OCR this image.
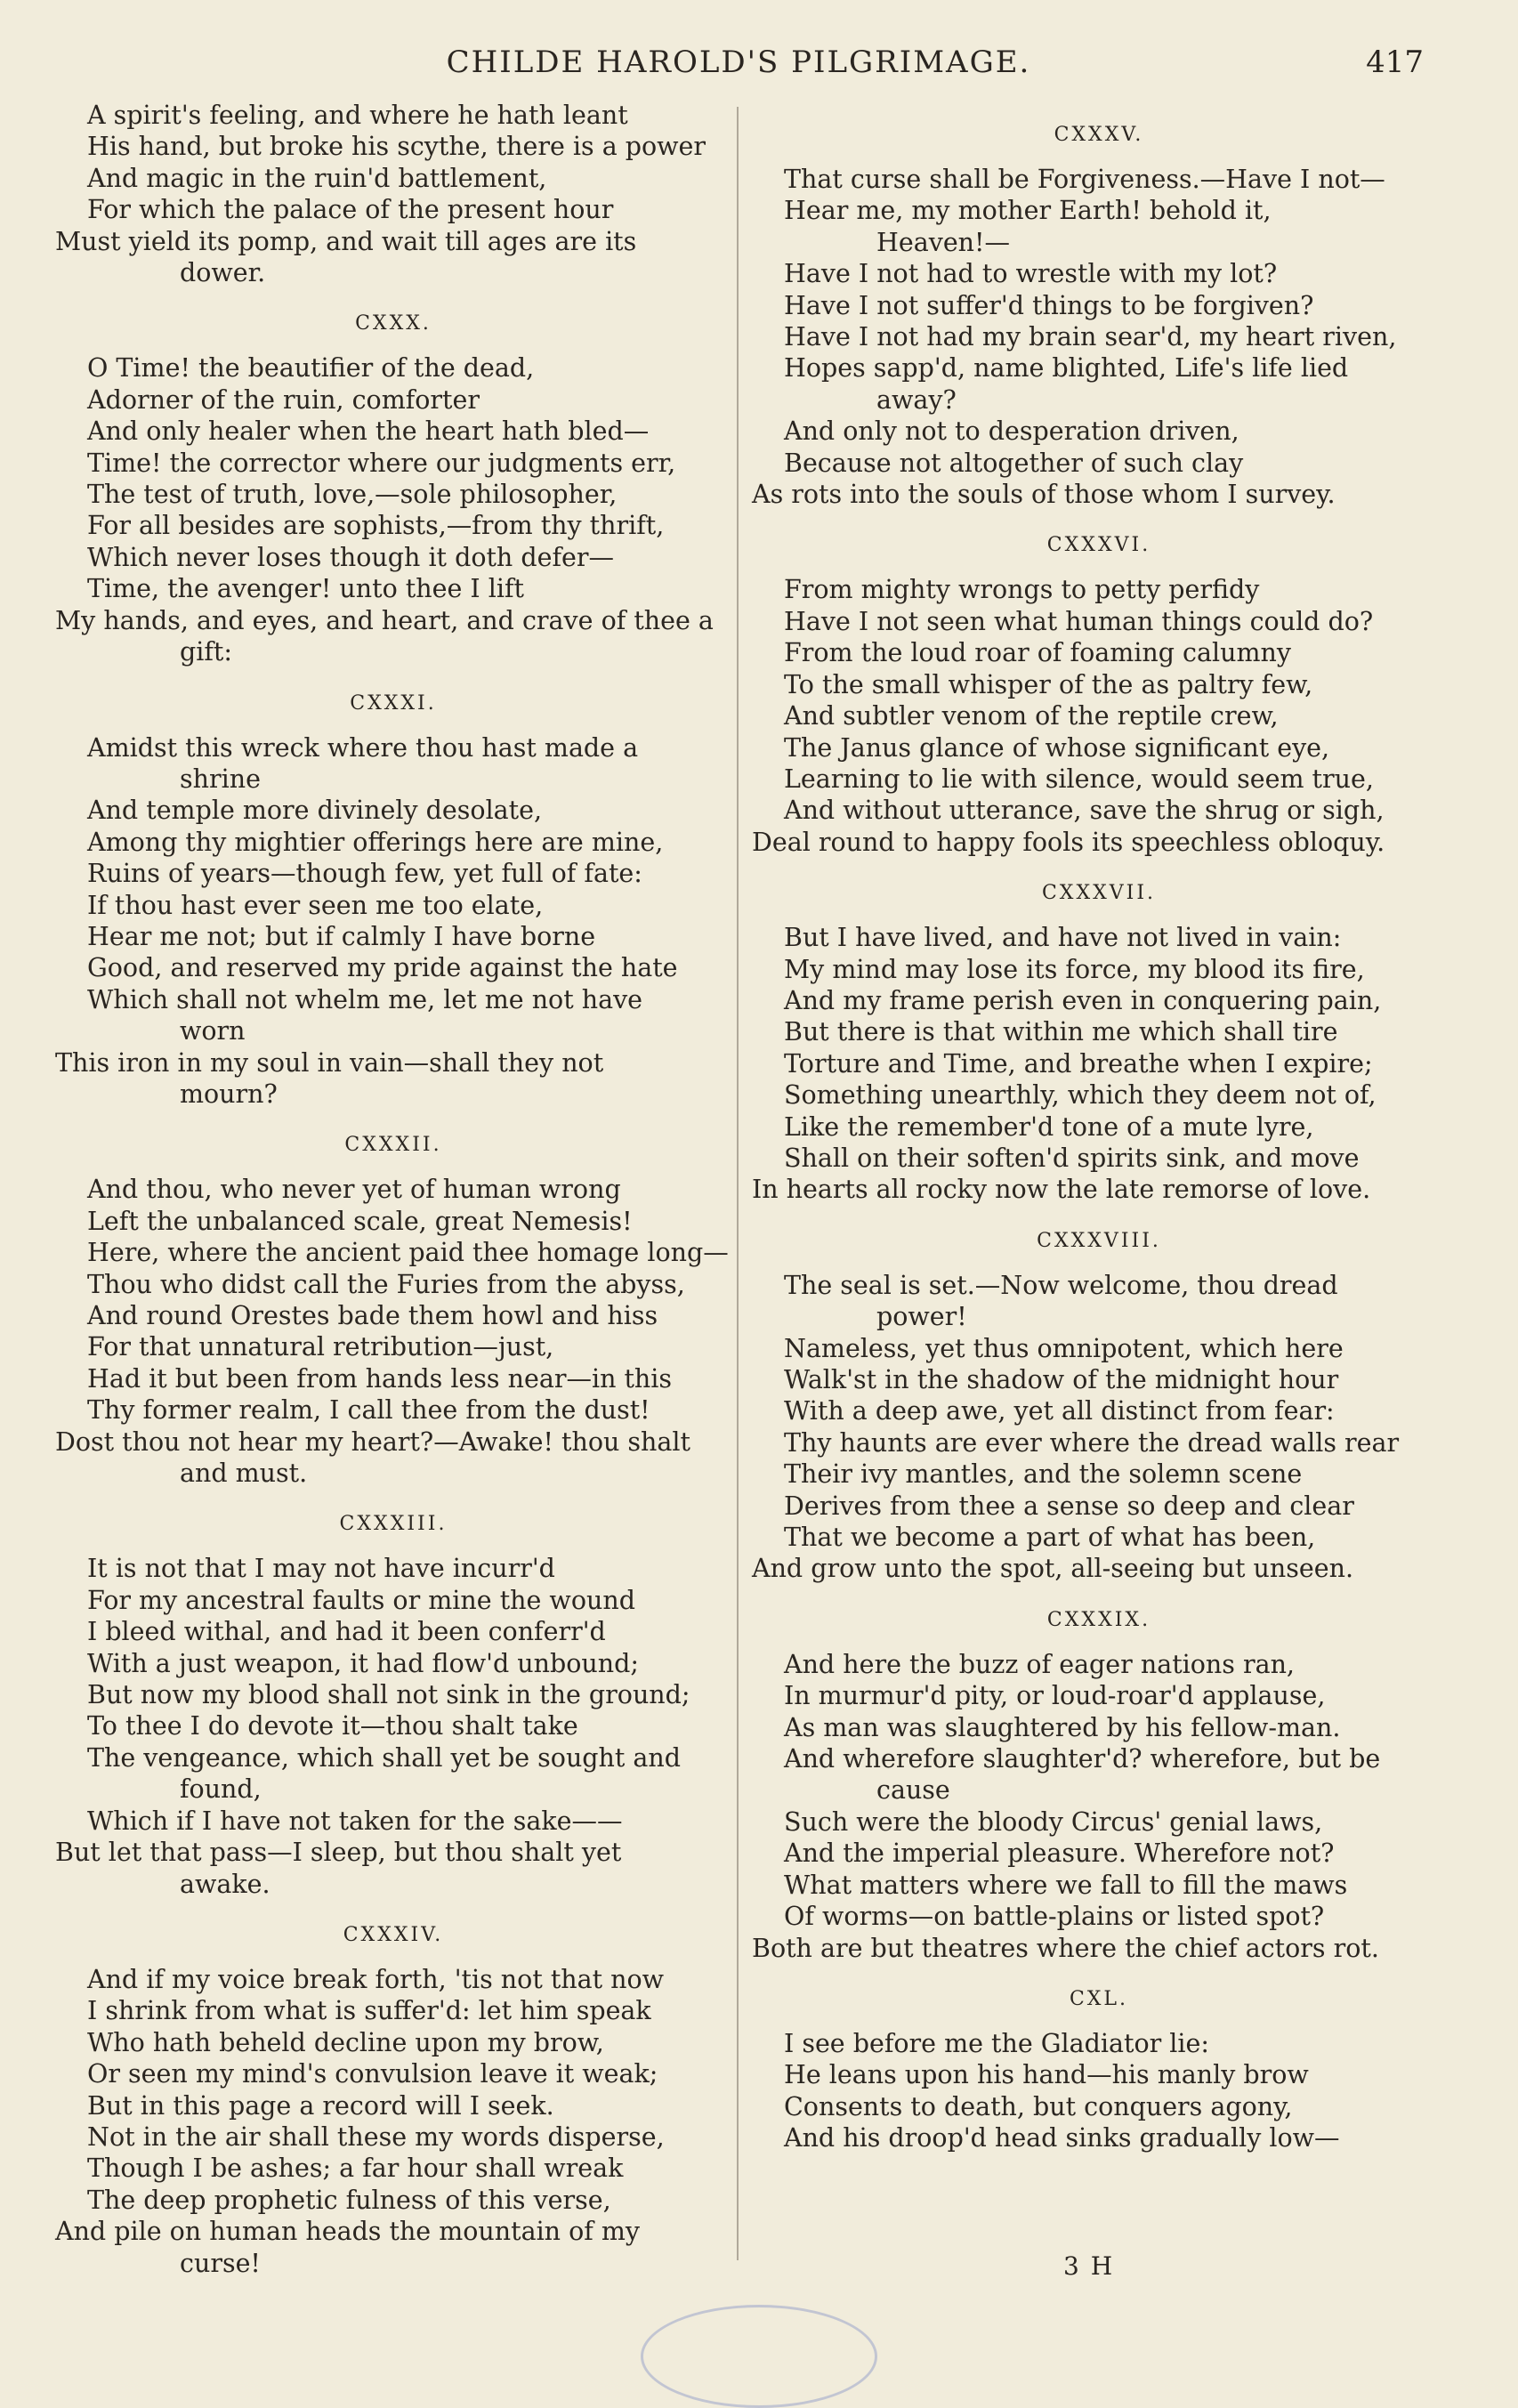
CHILDE HAROLD'S PILGRIMAGE.	417
A spirit's feeling, and where he hath leant
His hand, but broke his scythe, there is a power
And magic in the ruin'd battlement,
For which the palace of the present hour
Must yield its pomp, and wait till ages are its
dower.
CXXX.
O Time! the beautifier of the dead,
Adorner of the ruin, comforter
And only healer when the heart hath bled—
Time! the corrector where our judgments err,
The test of truth, love,—sole philosopher,
For all besides are sophists,—from thy thrift,
Which never loses though it doth defer—
Time, the avenger! unto thee I lift
My hands, and eyes, and heart, and crave of thee a
gift:
CXXXI.
Amidst this wreck where thou hast made a
shrine
And temple more divinely desolate,
Among thy mightier offerings here are mine,
Ruins of years—though few, yet full of fate:
If thou hast ever seen me too elate,
Hear me not; but if calmly I have borne
Good, and reserved my pride against the hate
Which shall not whelm me, let me not have
worn
This iron in my soul in vain—shall they not
mourn?
CXXXII.
And thou, who never yet of human wrong
Left the unbalanced scale, great Nemesis!
Here, where the ancient paid thee homage long—
Thou who didst call the Furies from the abyss,
And round Orestes bade them howl and hiss
For that unnatural retribution—just,
Had it but been from hands less near—in this
Thy former realm, I call thee from the dust!
Dost thou not hear my heart?—Awake! thou shalt
and must.
CXXXIII.
It is not that I may not have incurr'd
For my ancestral faults or mine the wound
I bleed withal, and had it been conferr'd
With a just weapon, it had flow'd unbound;
But now my blood shall not sink in the ground;
To thee I do devote it—thou shalt take
The vengeance, which shall yet be sought and
found,
Which if I have not taken for the sake——
But let that pass—I sleep, but thou shalt yet
awake.
CXXXIV.
And if my voice break forth, 'tis not that now
I shrink from what is suffer'd: let him speak
Who hath beheld decline upon my brow,
Or seen my mind's convulsion leave it weak;
But in this page a record will I seek.
Not in the air shall these my words disperse,
Though I be ashes; a far hour shall wreak
The deep prophetic fulness of this verse,
And pile on human heads the mountain of my
curse!
CXXXV.
That curse shall be Forgiveness.—Have I not—
Hear me, my mother Earth! behold it,
Heaven!—
Have I not had to wrestle with my lot?
Have I not suffer'd things to be forgiven?
Have I not had my brain sear'd, my heart riven,
Hopes sapp'd, name blighted, Life's life lied
away?
And only not to desperation driven,
Because not altogether of such clay
As rots into the souls of those whom I survey.
CXXXVI.
From mighty wrongs to petty perfidy
Have I not seen what human things could do?
From the loud roar of foaming calumny
To the small whisper of the as paltry few,
And subtler venom of the reptile crew,
The Janus glance of whose significant eye,
Learning to lie with silence, would seem true,
And without utterance, save the shrug or sigh,
Deal round to happy fools its speechless obloquy.
CXXXVII.
But I have lived, and have not lived in vain:
My mind may lose its force, my blood its fire,
And my frame perish even in conquering pain,
But there is that within me which shall tire
Torture and Time, and breathe when I expire;
Something unearthly, which they deem not of,
Like the remember'd tone of a mute lyre,
Shall on their soften'd spirits sink, and move
In hearts all rocky now the late remorse of love.
CXXXVIII.
The seal is set.—Now welcome, thou dread
power!
Nameless, yet thus omnipotent, which here
Walk'st in the shadow of the midnight hour
With a deep awe, yet all distinct from fear:
Thy haunts are ever where the dread walls rear
Their ivy mantles, and the solemn scene
Derives from thee a sense so deep and clear
That we become a part of what has been,
And grow unto the spot, all-seeing but unseen.
CXXXIX.
And here the buzz of eager nations ran,
In murmur'd pity, or loud-roar'd applause,
As man was slaughtered by his fellow-man.
And wherefore slaughter'd? wherefore, but be
cause
Such were the bloody Circus' genial laws,
And the imperial pleasure. Wherefore not?
What matters where we fall to fill the maws
Of worms—on battle-plains or listed spot?
Both are but theatres where the chief actors rot.
CXL.
I see before me the Gladiator lie:
He leans upon his hand—his manly brow
Consents to death, but conquers agony,
And his droop'd head sinks gradually low—
3 H
